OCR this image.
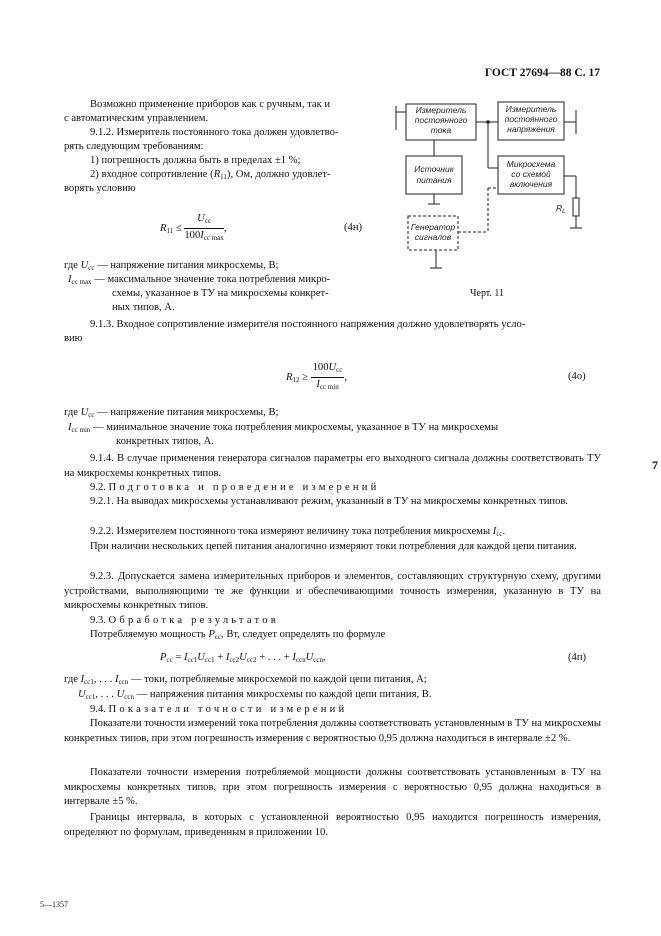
ГОСТ 27694—88 С. 17
Возможно применение приборов как с ручным, так и
с автоматическим управлением.
9.1.2. Измеритель постоянного тока должен удовлетво-
рять следующим требованиям:
1) погрешность должна быть в пределах ±1 %;
2) входное сопротивление $(R_{11})$, Ом, должно удовлет-
ворять условию
$R_{11} \le \frac{U_{cc}}{100I_{cc max}}$ ,	(4н)
где $U_{cc}$ — напряжение питания микросхемы, В;
$I_{cc max}$ — максимальное значение тока потребления микро-
схемы, указанное в ТУ на микросхемы конкрет-
ных типов, А.
Измеритель
постоянного
тока
Измеритель
постоянного
напряжения
Источник
питания
Микросхема
со схемой
включения
Генератор
сигналов
$R_L$
Черт. 11
9.1.3. Входное сопротивление измерителя постоянного напряжения должно удовлетворять усло-
вию
$R_{12} \ge \frac{100U_{cc}}{I_{cc min}}$ ,	(4о)
где $U_{cc}$ — напряжение питания микросхемы, В;
$I_{cc min}$ — минимальное значение тока потребления микросхемы, указанное в ТУ на микросхемы
конкретных типов, А.
9.1.4. В случае применения генератора сигналов параметры его выходного сигнала должны соответствовать ТУ на микросхемы конкретных типов.
9.2. Подготовка и проведение измерений
9.2.1. На выводах микросхемы устанавливают режим, указанный в ТУ на микросхемы конкретных типов.
9.2.2. Измерителем постоянного тока измеряют величину тока потребления микросхемы $I_{cc}$.
При наличии нескольких цепей питания аналогично измеряют токи потребления для каждой цепи питания.
9.2.3. Допускается замена измерительных приборов и элементов, составляющих структурную схему, другими устройствами, выполняющими те же функции и обеспечивающими точность измерения, указанную в ТУ на микросхемы конкретных типов.
9.3. Обработка результатов
Потребляемую мощность $P_{cc}$, Вт, следует определять по формуле
$P_{cc} = I_{cc1}U_{cc1} + I_{cc2}U_{cc2}$ + . . . + $I_{ccn}U_{ccn}$,	(4п)
где $I_{cc1}$, . . . $I_{ccn}$ — токи, потребляемые микросхемой по каждой цепи питания, А;
$U_{cc1}$, . . . $U_{ccn}$ — напряжения питания микросхемы по каждой цепи питания, В.
9.4. Показатели точности измерений
Показатели точности измерений тока потребления должны соответствовать установленным в ТУ на микросхемы конкретных типов, при этом погрешность измерения с вероятностью 0,95 должна находиться в интервале ±2 %.
Показатели точности измерения потребляемой мощности должны соответствовать установленным в ТУ на микросхемы конкретных типов, при этом погрешность измерения с вероятностью 0,95 должна находиться в интервале ±5 %.
Границы интервала, в которых с установленной вероятностью 0,95 находится погрешность измерения, определяют по формулам, приведенным в приложении 10.
5—1357
7
